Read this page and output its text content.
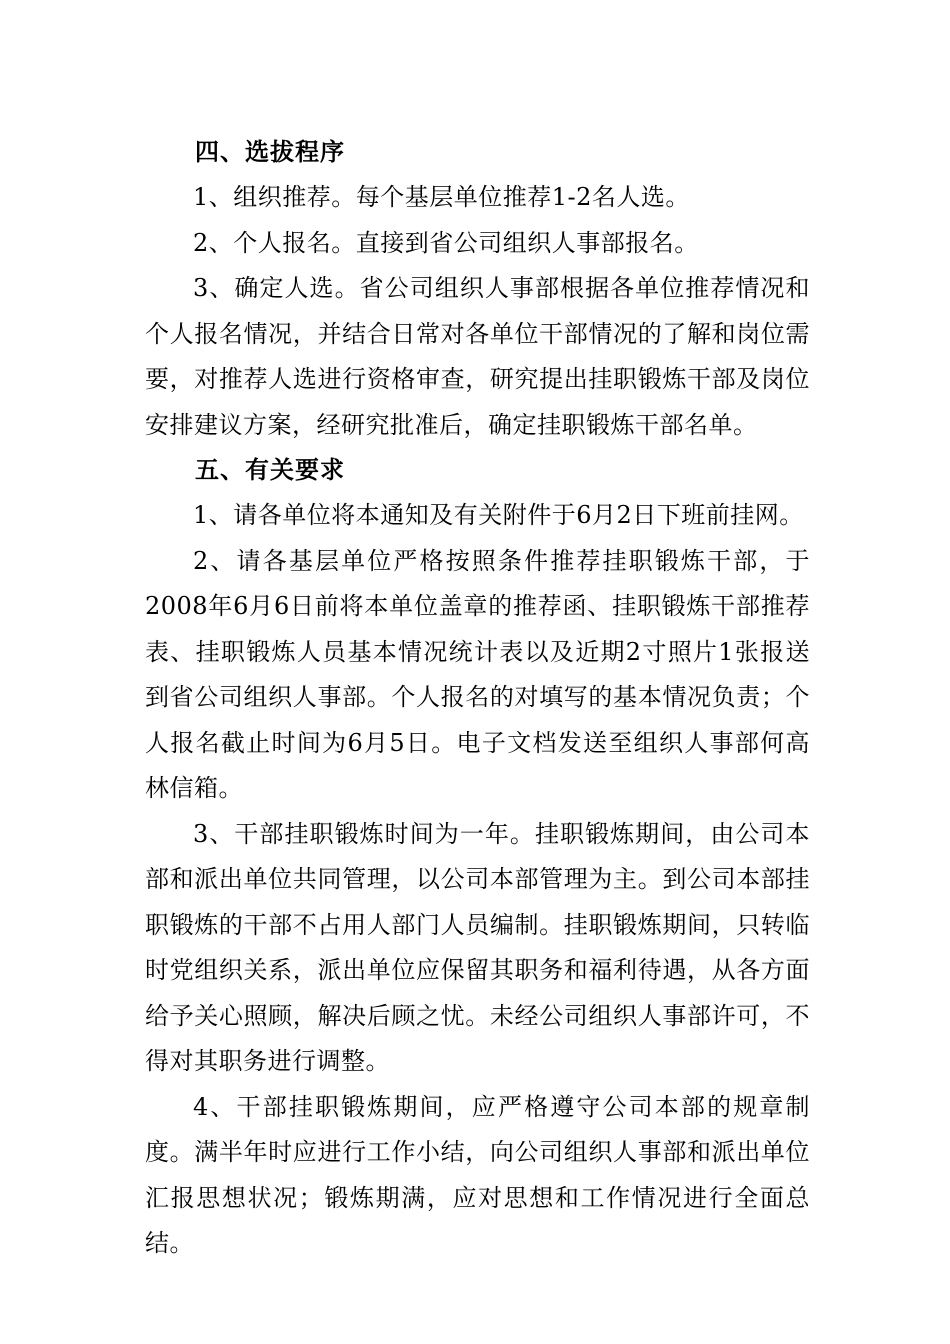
四、选拔程序

1、组织推荐。每个基层单位推荐1-2名人选。

2、个人报名。直接到省公司组织人事部报名。

3、确定人选。省公司组织人事部根据各单位推荐情况和个人报名情况，并结合日常对各单位干部情况的了解和岗位需要，对推荐人选进行资格审查，研究提出挂职锻炼干部及岗位安排建议方案，经研究批准后，确定挂职锻炼干部名单。

五、有关要求

1、请各单位将本通知及有关附件于6月2日下班前挂网。

2、请各基层单位严格按照条件推荐挂职锻炼干部，于2008年6月6日前将本单位盖章的推荐函、挂职锻炼干部推荐表、挂职锻炼人员基本情况统计表以及近期2寸照片1张报送到省公司组织人事部。个人报名的对填写的基本情况负责；个人报名截止时间为6月5日。电子文档发送至组织人事部何高林信箱。

3、干部挂职锻炼时间为一年。挂职锻炼期间，由公司本部和派出单位共同管理，以公司本部管理为主。到公司本部挂职锻炼的干部不占用人部门人员编制。挂职锻炼期间，只转临时党组织关系，派出单位应保留其职务和福利待遇，从各方面给予关心照顾，解决后顾之忧。未经公司组织人事部许可，不得对其职务进行调整。

4、干部挂职锻炼期间，应严格遵守公司本部的规章制度。满半年时应进行工作小结，向公司组织人事部和派出单位汇报思想状况；锻炼期满，应对思想和工作情况进行全面总结。
